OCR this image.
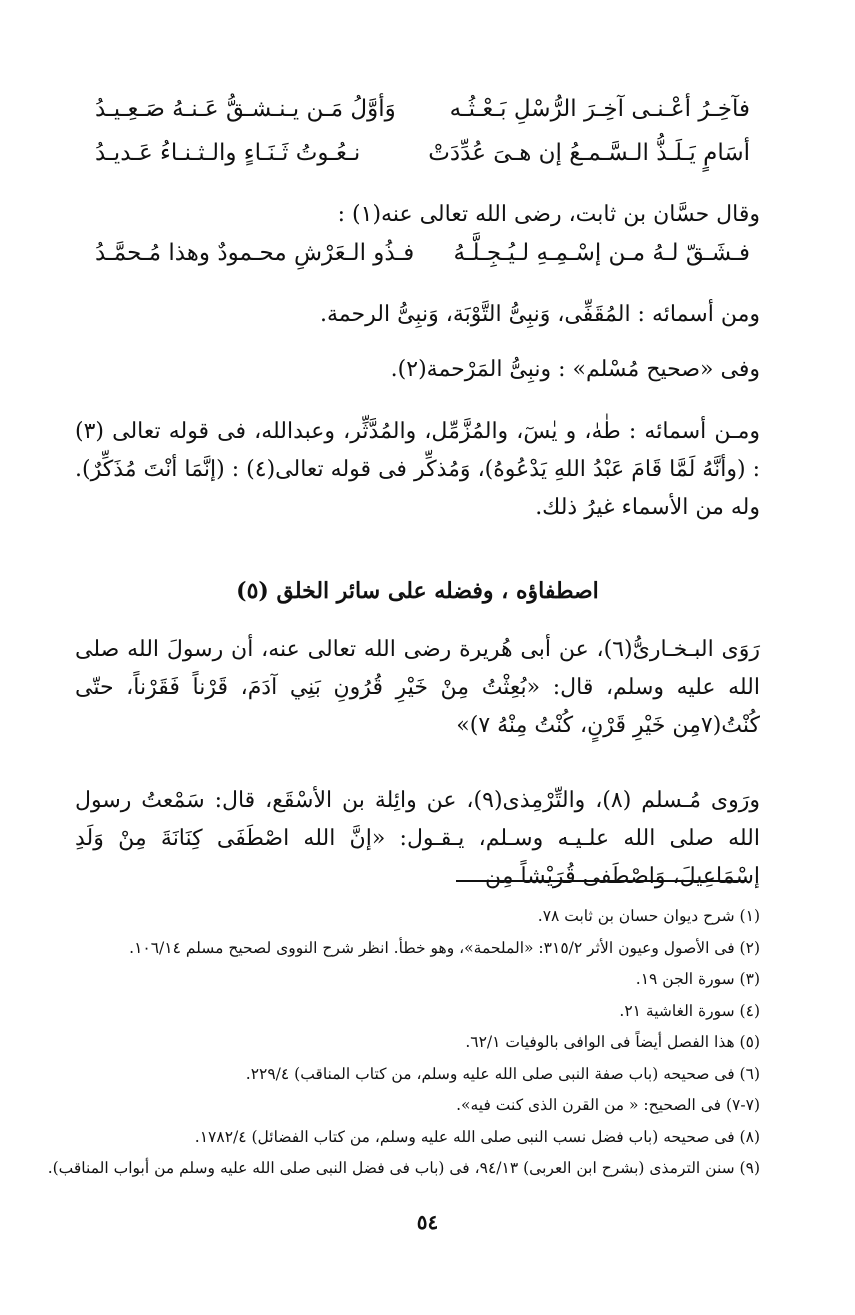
فآخِـرُ أعْـنـى آخِـرَ الرُّسْلِ بَـعْـثُـه
وَأوَّلُ مَـن يـنـشـقُّ عَـنـهُ صَـعِـيـدُ
أسَامٍ يَـلَـذُّ الـسَّـمـعُ إن هـىَ عُدِّدَتْ
نـعُـوتُ ثَـنَـاءٍ والـثـنـاءُ عَـديـدُ
وقال حسَّان بن ثابت، رضى الله تعالى عنه(١) :
فـشَـقّ لـهُ مـن إسْـمِـهِ لـيُـجِـلَّـهُ
فـذُو الـعَرْشِ محـمودٌ وهذا مُـحمَّـدُ
ومن أسمائه : المُقَفِّى، وَنبِىُّ التَّوْبَة، وَنبِىُّ الرحمة.
وفى «صحيح مُسْلم» : ونبِىُّ المَرْحمة(٢).
ومـن أسمائه : طٰهٰ، و يٰسٓ، والمُزَّمِّل، والمُدَّثِّر، وعبدالله، فى قوله تعالى (٣) : (وأنَّهُ لَمَّا قَامَ عَبْدُ اللهِ يَدْعُوهُ)، وَمُذكِّر فى قوله تعالى(٤) : (إنَّمَا أنْتَ مُذَكِّرٌ). وله من الأسماء غيرُ ذلك.
اصطفاؤه ، وفضله على سائر الخلق (٥)
رَوَى البـخـارىُّ(٦)، عن أبى هُريرة رضى الله تعالى عنه، أن رسولَ الله صلى الله عليه وسلم، قال: «بُعِثْتُ مِنْ خَيْرِ قُرُونِ بَنِي آدَمَ، قَرْناً فَقَرْناً، حتّى كُنْتُ(٧مِن خَيْرِ قَرْنٍ، كُنْتُ مِنْهُ ٧)»
ورَوى مُـسلم (٨)، والتِّرْمِذى(٩)، عن وائِلة بن الأسْقَع، قال: سَمْعتُ رسول الله صلى الله علـيـه وسـلم، يـقـول: «إنَّ الله اصْطَفَى كِنَانَةَ مِنْ وَلَدِ إسْمَاعِيلَ، وَاصْطَفى قُرَيْشاً مِن
(١) شرح ديوان حسان بن ثابت ٧٨.
(٢) فى الأصول وعيون الأثر ٣١٥/٢: «الملحمة»، وهو خطأ. انظر شرح النووى لصحيح مسلم ١٠٦/١٤.
(٣) سورة الجن ١٩.
(٤) سورة الغاشية ٢١.
(٥) هذا الفصل أيضاً فى الوافى بالوفيات ٦٢/١.
(٦) فى صحيحه (باب صفة النبى صلى الله عليه وسلم، من كتاب المناقب) ٢٢٩/٤.
(٧-٧) فى الصحيح: « من القرن الذى كنت فيه».
(٨) فى صحيحه (باب فضل نسب النبى صلى الله عليه وسلم، من كتاب الفضائل) ١٧٨٢/٤.
(٩) سنن الترمذى (بشرح ابن العربى) ٩٤/١٣، فى (باب فى فضل النبى صلى الله عليه وسلم من أبواب المناقب).
٥٤
